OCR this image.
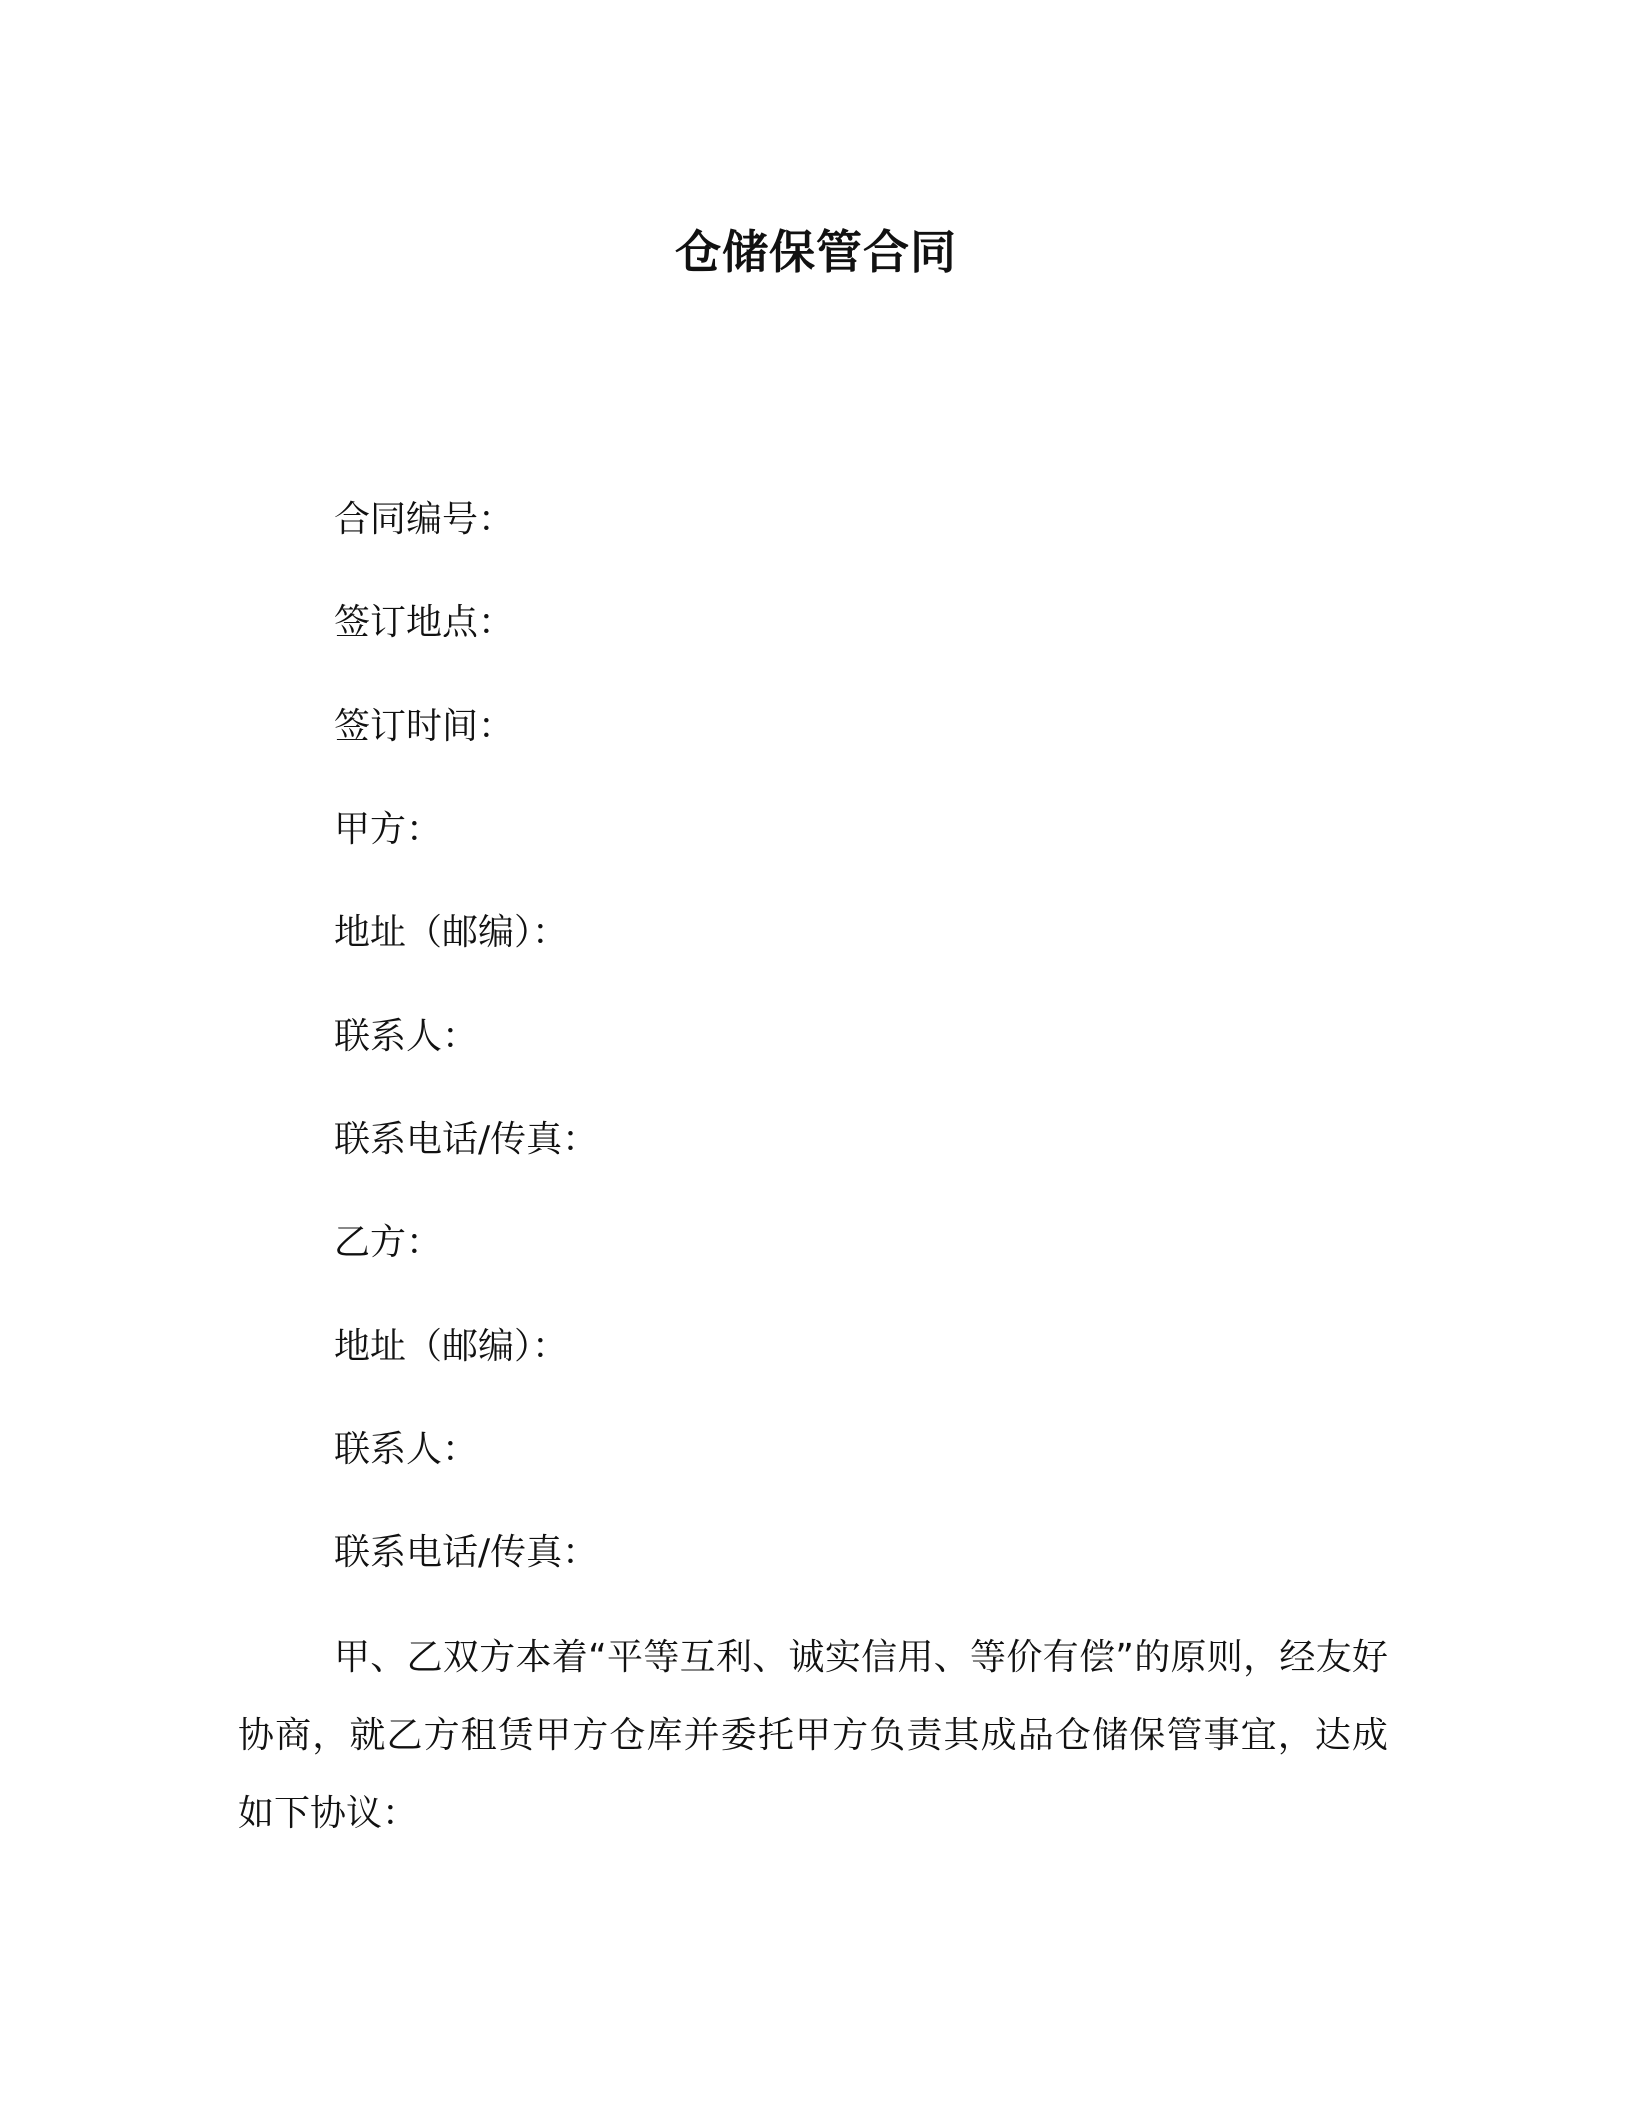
仓储保管合同
合同编号：
签订地点：
签订时间：
甲方：
地址（邮编）：
联系人：
联系电话/传真：
乙方：
地址（邮编）：
联系人：
联系电话/传真：
甲、乙双方本着“平等互利、诚实信用、等价有偿”的原则，经友好协商，就乙方租赁甲方仓库并委托甲方负责其成品仓储保管事宜，达成如下协议：
